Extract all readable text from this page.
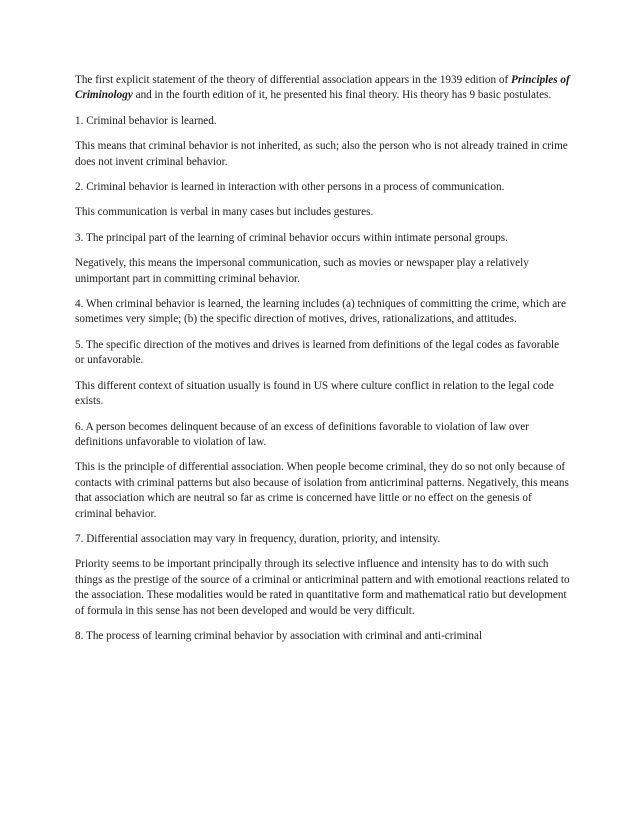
The first explicit statement of the theory of differential association appears in the 1939 edition of Principles of Criminology and in the fourth edition of it, he presented his final theory. His theory has 9 basic postulates.

1. Criminal behavior is learned.

This means that criminal behavior is not inherited, as such; also the person who is not already trained in crime does not invent criminal behavior.

2. Criminal behavior is learned in interaction with other persons in a process of communication.

This communication is verbal in many cases but includes gestures.

3. The principal part of the learning of criminal behavior occurs within intimate personal groups.

Negatively, this means the impersonal communication, such as movies or newspaper play a relatively unimportant part in committing criminal behavior.

4. When criminal behavior is learned, the learning includes (a) techniques of committing the crime, which are sometimes very simple; (b) the specific direction of motives, drives, rationalizations, and attitudes.

5. The specific direction of the motives and drives is learned from definitions of the legal codes as favorable or unfavorable.

This different context of situation usually is found in US where culture conflict in relation to the legal code exists.

6. A person becomes delinquent because of an excess of definitions favorable to violation of law over definitions unfavorable to violation of law.

This is the principle of differential association. When people become criminal, they do so not only because of contacts with criminal patterns but also because of isolation from anticriminal patterns. Negatively, this means that association which are neutral so far as crime is concerned have little or no effect on the genesis of criminal behavior.

7. Differential association may vary in frequency, duration, priority, and intensity.

Priority seems to be important principally through its selective influence and intensity has to do with such things as the prestige of the source of a criminal or anticriminal pattern and with emotional reactions related to the association. These modalities would be rated in quantitative form and mathematical ratio but development of formula in this sense has not been developed and would be very difficult.

8. The process of learning criminal behavior by association with criminal and anti-criminal
